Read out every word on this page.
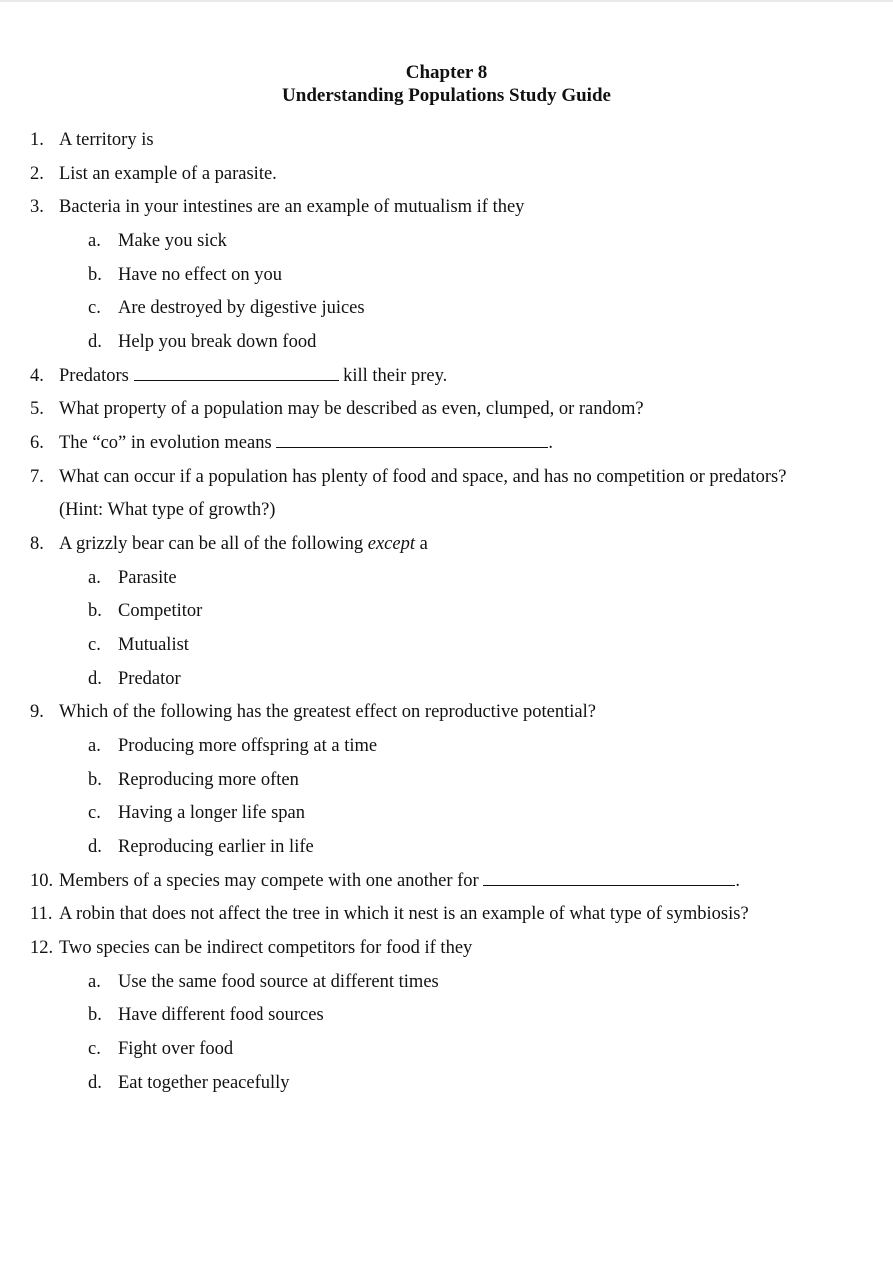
Chapter 8
Understanding Populations Study Guide
1. A territory is
2. List an example of a parasite.
3. Bacteria in your intestines are an example of mutualism if they
a. Make you sick
b. Have no effect on you
c. Are destroyed by digestive juices
d. Help you break down food
4. Predators	kill their prey.
5. What property of a population may be described as even, clumped, or random?
6. The “co” in evolution means	.
7. What can occur if a population has plenty of food and space, and has no competition or predators?
(Hint: What type of growth?)
8. A grizzly bear can be all of the following except a
a. Parasite
b. Competitor
c. Mutualist
d. Predator
9. Which of the following has the greatest effect on reproductive potential?
a. Producing more offspring at a time
b. Reproducing more often
c. Having a longer life span
d. Reproducing earlier in life
10. Members of a species may compete with one another for	.
11. A robin that does not affect the tree in which it nest is an example of what type of symbiosis?
12. Two species can be indirect competitors for food if they
a. Use the same food source at different times
b. Have different food sources
c. Fight over food
d. Eat together peacefully
